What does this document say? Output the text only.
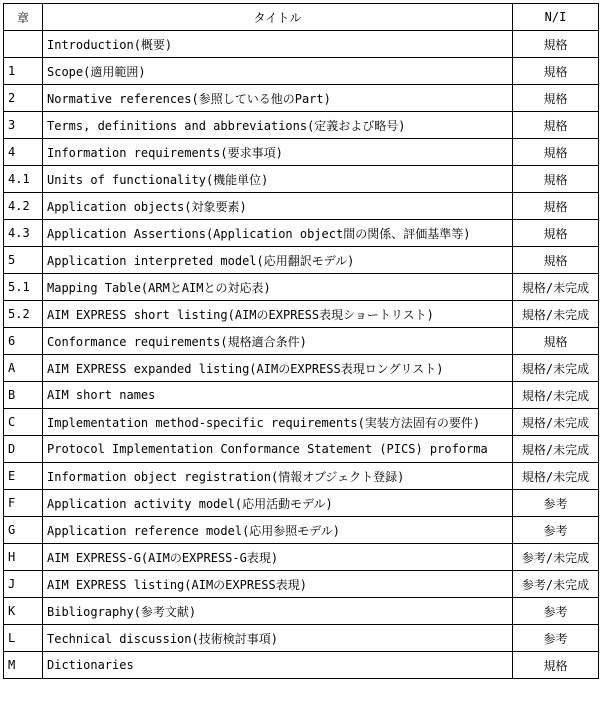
章	タイトル	N/I
	Introduction(概要)	規格
1	Scope(適用範囲)	規格
2	Normative references(参照している他のPart)	規格
3	Terms, definitions and abbreviations(定義および略号)	規格
4	Information requirements(要求事項)	規格
4.1	Units of functionality(機能単位)	規格
4.2	Application objects(対象要素)	規格
4.3	Application Assertions(Application object間の関係、評価基準等)	規格
5	Application interpreted model(応用翻訳モデル)	規格
5.1	Mapping Table(ARMとAIMとの対応表)	規格/未完成
5.2	AIM EXPRESS short listing(AIMのEXPRESS表現ショートリスト)	規格/未完成
6	Conformance requirements(規格適合条件)	規格
A	AIM EXPRESS expanded listing(AIMのEXPRESS表現ロングリスト)	規格/未完成
B	AIM short names	規格/未完成
C	Implementation method-specific requirements(実装方法固有の要件)	規格/未完成
D	Protocol Implementation Conformance Statement (PICS) proforma	規格/未完成
E	Information object registration(情報オブジェクト登録)	規格/未完成
F	Application activity model(応用活動モデル)	参考
G	Application reference model(応用参照モデル)	参考
H	AIM EXPRESS-G(AIMのEXPRESS-G表現)	参考/未完成
J	AIM EXPRESS listing(AIMのEXPRESS表現)	参考/未完成
K	Bibliography(参考文献)	参考
L	Technical discussion(技術検討事項)	参考
M	Dictionaries	規格
